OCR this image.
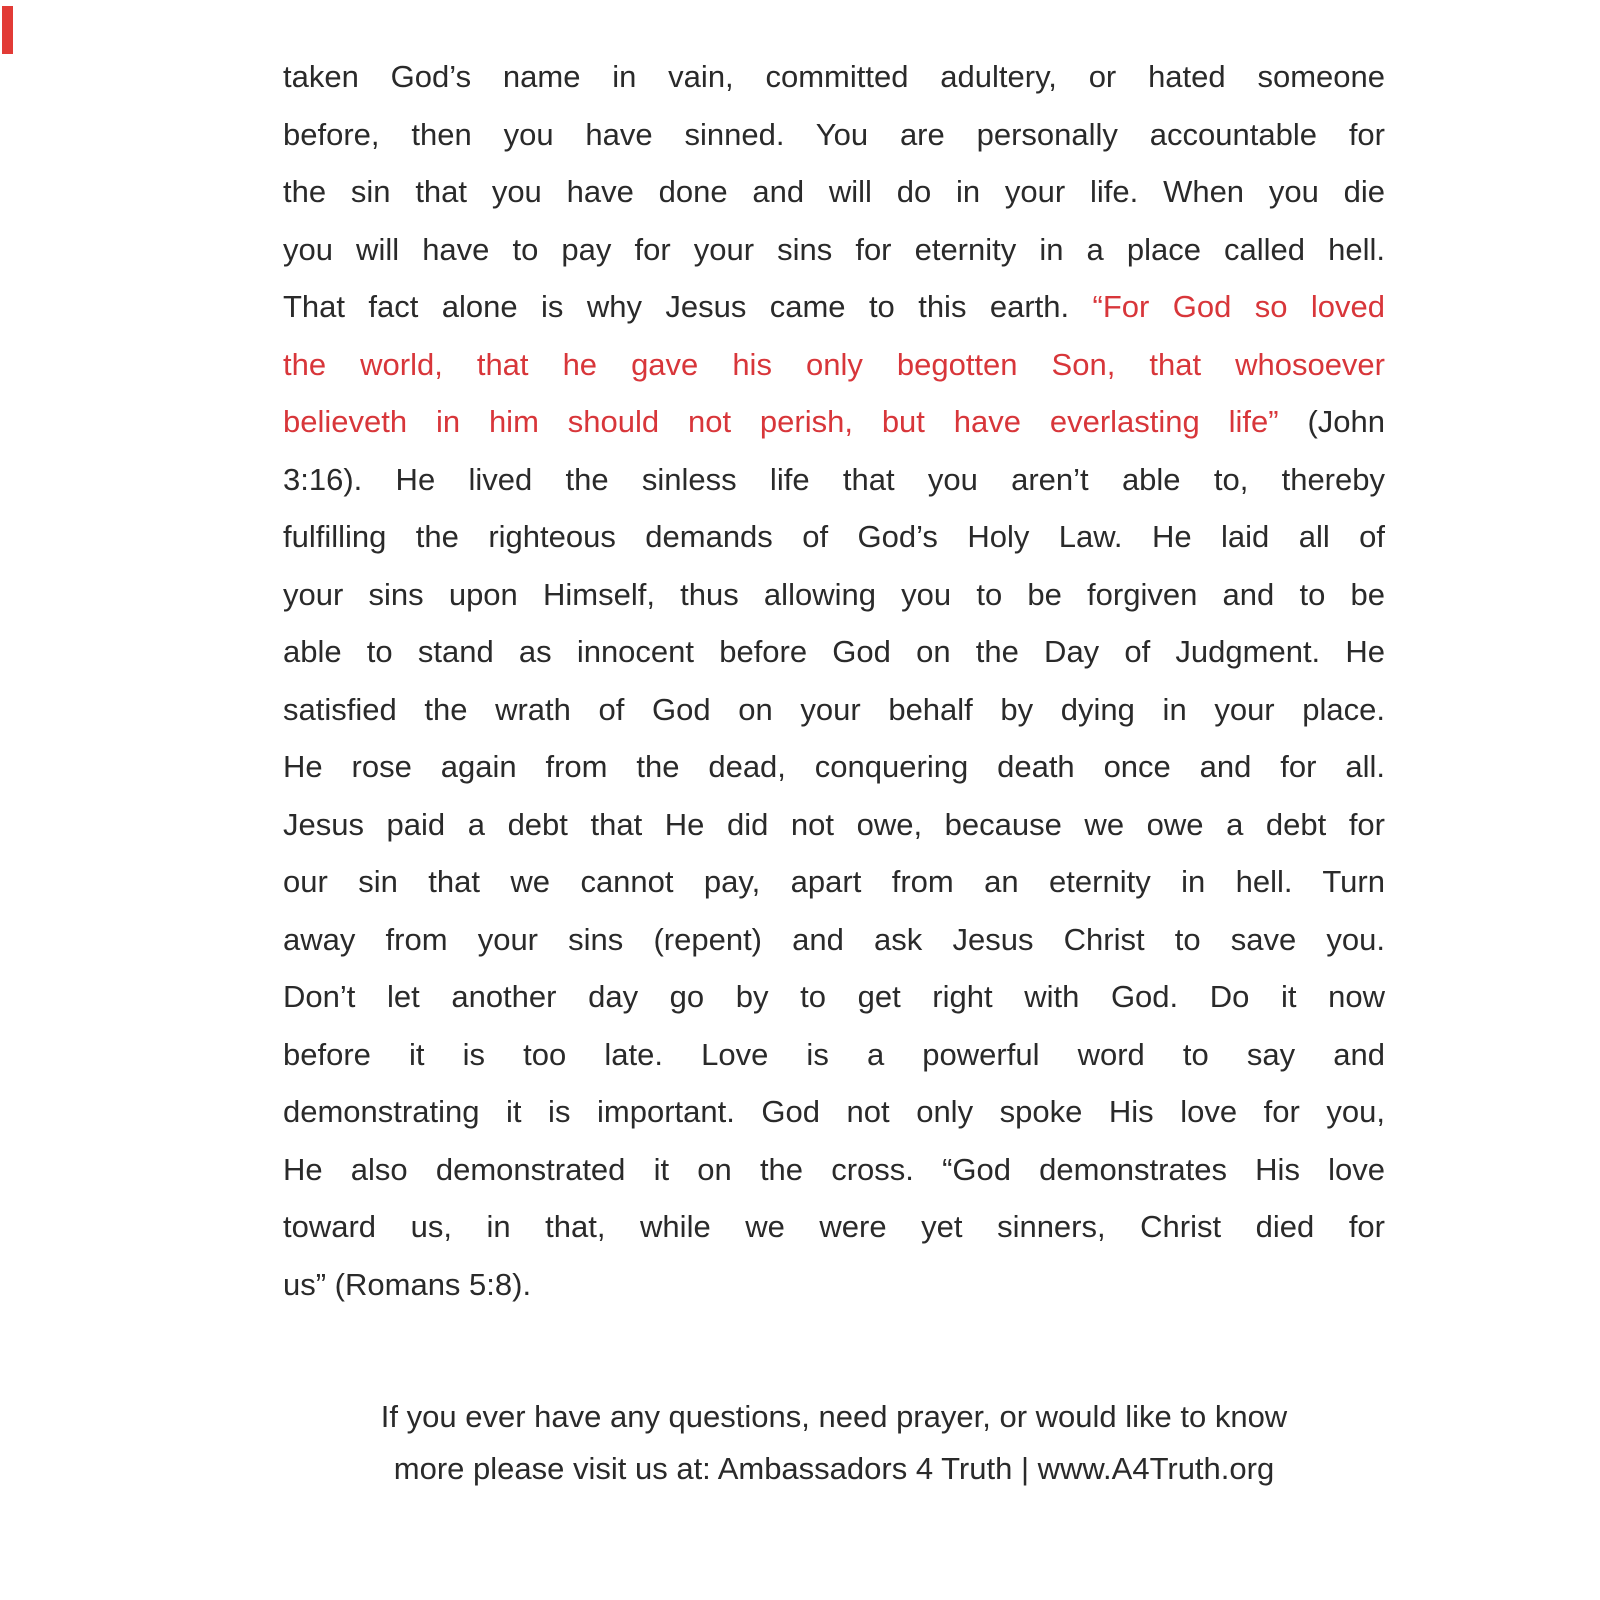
taken God’s name in vain, committed adultery, or hated someone
before, then you have sinned. You are personally accountable for
the sin that you have done and will do in your life. When you die
you will have to pay for your sins for eternity in a place called hell.
That fact alone is why Jesus came to this earth. “For God so loved
the world, that he gave his only begotten Son, that whosoever
believeth in him should not perish, but have everlasting life” (John
3:16). He lived the sinless life that you aren’t able to, thereby
fulfilling the righteous demands of God’s Holy Law. He laid all of
your sins upon Himself, thus allowing you to be forgiven and to be
able to stand as innocent before God on the Day of Judgment. He
satisfied the wrath of God on your behalf by dying in your place.
He rose again from the dead, conquering death once and for all.
Jesus paid a debt that He did not owe, because we owe a debt for
our sin that we cannot pay, apart from an eternity in hell. Turn
away from your sins (repent) and ask Jesus Christ to save you.
Don’t let another day go by to get right with God. Do it now
before it is too late. Love is a powerful word to say and
demonstrating it is important. God not only spoke His love for you,
He also demonstrated it on the cross. “God demonstrates His love
toward us, in that, while we were yet sinners, Christ died for
us” (Romans 5:8).
If you ever have any questions, need prayer, or would like to know
more please visit us at: Ambassadors 4 Truth | www.A4Truth.org
